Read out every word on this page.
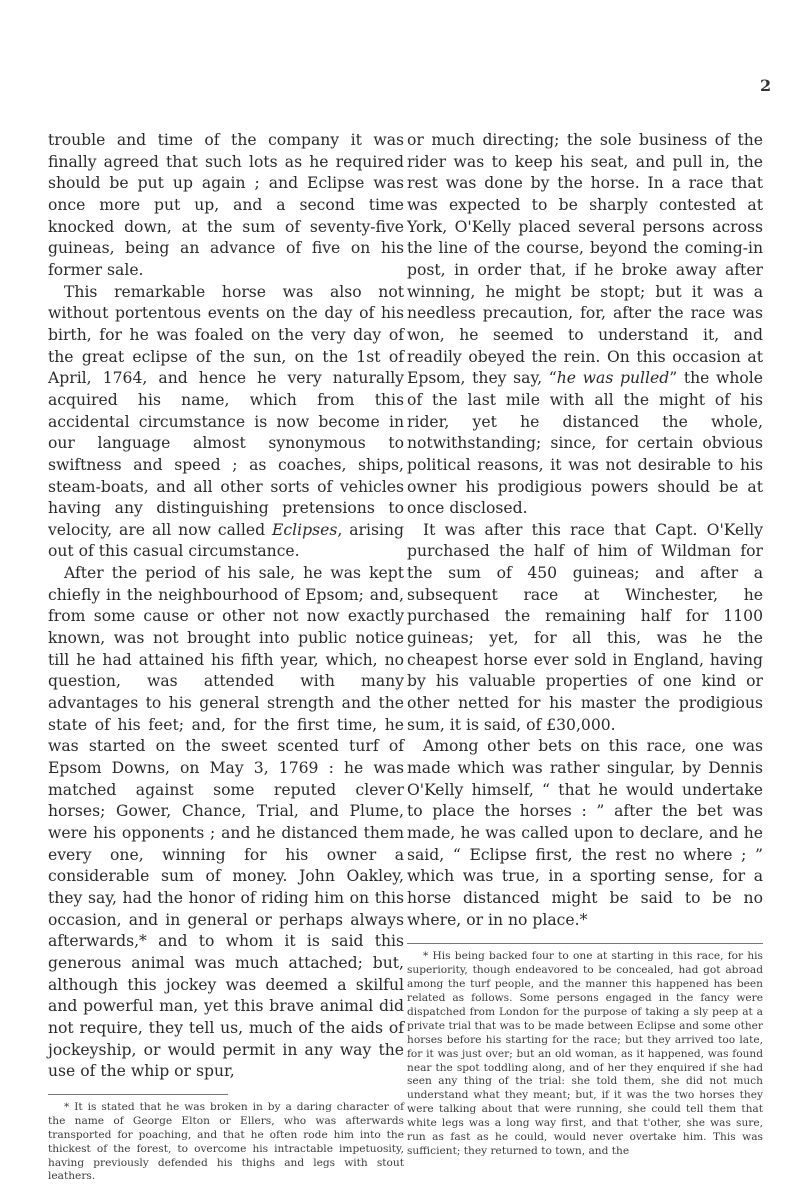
2

trouble and time of the company it was finally agreed that such lots as he required should be put up again ; and Eclipse was once more put up, and a second time knocked down, at the sum of seventy-five guineas, being an advance of five on his former sale.

This remarkable horse was also not without portentous events on the day of his birth, for he was foaled on the very day of the great eclipse of the sun, on the 1st of April, 1764, and hence he very naturally acquired his name, which from this accidental circumstance is now become in our language almost synonymous to swiftness and speed ; as coaches, ships, steam-boats, and all other sorts of vehicles having any distinguishing pretensions to velocity, are all now called Eclipses, arising out of this casual circumstance.

After the period of his sale, he was kept chiefly in the neighbourhood of Epsom; and, from some cause or other not now exactly known, was not brought into public notice till he had attained his fifth year, which, no question, was attended with many advantages to his general strength and the state of his feet; and, for the first time, he was started on the sweet scented turf of Epsom Downs, on May 3, 1769 : he was matched against some reputed clever horses; Gower, Chance, Trial, and Plume, were his opponents ; and he distanced them every one, winning for his owner a considerable sum of money. John Oakley, they say, had the honor of riding him on this occasion, and in general or perhaps always afterwards,* and to whom it is said this generous animal was much attached; but, although this jockey was deemed a skilful and powerful man, yet this brave animal did not require, they tell us, much of the aids of jockeyship, or would permit in any way the use of the whip or spur,

* It is stated that he was broken in by a daring character of the name of George Elton or Ellers, who was afterwards transported for poaching, and that he often rode him into the thickest of the forest, to overcome his intractable impetuosity, having previously defended his thighs and legs with stout leathers.

or much directing; the sole business of the rider was to keep his seat, and pull in, the rest was done by the horse. In a race that was expected to be sharply contested at York, O'Kelly placed several persons across the line of the course, beyond the coming-in post, in order that, if he broke away after winning, he might be stopt; but it was a needless precaution, for, after the race was won, he seemed to understand it, and readily obeyed the rein. On this occasion at Epsom, they say, “he was pulled” the whole of the last mile with all the might of his rider, yet he distanced the whole, notwithstanding; since, for certain obvious political reasons, it was not desirable to his owner his prodigious powers should be at once disclosed.

It was after this race that Capt. O'Kelly purchased the half of him of Wildman for the sum of 450 guineas; and after a subsequent race at Winchester, he purchased the remaining half for 1100 guineas; yet, for all this, was he the cheapest horse ever sold in England, having by his valuable properties of one kind or other netted for his master the prodigious sum, it is said, of £30,000.

Among other bets on this race, one was made which was rather singular, by Dennis O'Kelly himself, “ that he would undertake to place the horses : ” after the bet was made, he was called upon to declare, and he said, “ Eclipse first, the rest no where ; ” which was true, in a sporting sense, for a horse distanced might be said to be no where, or in no place.*

* His being backed four to one at starting in this race, for his superiority, though endeavored to be concealed, had got abroad among the turf people, and the manner this happened has been related as follows. Some persons engaged in the fancy were dispatched from London for the purpose of taking a sly peep at a private trial that was to be made between Eclipse and some other horses before his starting for the race; but they arrived too late, for it was just over; but an old woman, as it happened, was found near the spot toddling along, and of her they enquired if she had seen any thing of the trial: she told them, she did not much understand what they meant; but, if it was the two horses they were talking about that were running, she could tell them that white legs was a long way first, and that t'other, she was sure, run as fast as he could, would never overtake him. This was sufficient; they returned to town, and the
